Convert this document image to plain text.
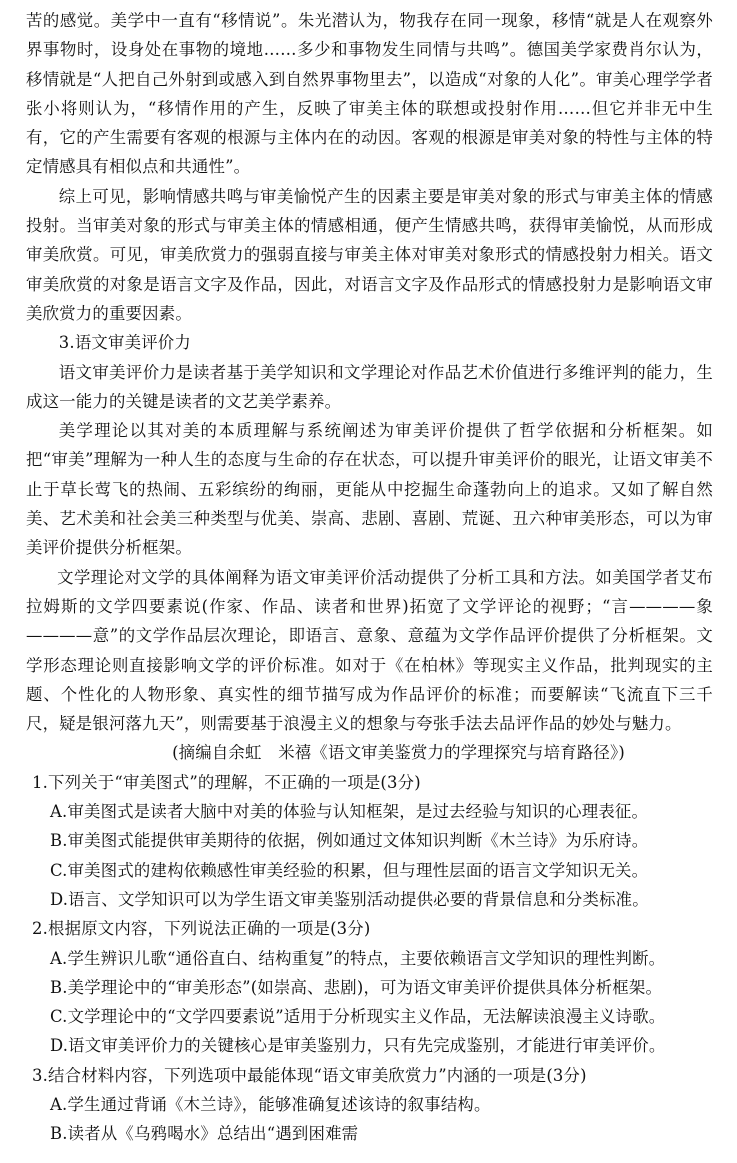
苦的感觉。美学中一直有“移情说”。朱光潜认为，物我存在同一现象，移情“就是人在观察外界事物时，设身处在事物的境地……多少和事物发生同情与共鸣”。德国美学家费肖尔认为，移情就是“人把自己外射到或感入到自然界事物里去”，以造成“对象的人化”。审美心理学学者张小将则认为，“移情作用的产生，反映了审美主体的联想或投射作用……但它并非无中生有，它的产生需要有客观的根源与主体内在的动因。客观的根源是审美对象的特性与主体的特定情感具有相似点和共通性”。

综上可见，影响情感共鸣与审美愉悦产生的因素主要是审美对象的形式与审美主体的情感投射。当审美对象的形式与审美主体的情感相通，便产生情感共鸣，获得审美愉悦，从而形成审美欣赏。可见，审美欣赏力的强弱直接与审美主体对审美对象形式的情感投射力相关。语文审美欣赏的对象是语言文字及作品，因此，对语言文字及作品形式的情感投射力是影响语文审美欣赏力的重要因素。

3.语文审美评价力

语文审美评价力是读者基于美学知识和文学理论对作品艺术价值进行多维评判的能力，生成这一能力的关键是读者的文艺美学素养。

美学理论以其对美的本质理解与系统阐述为审美评价提供了哲学依据和分析框架。如把“审美”理解为一种人生的态度与生命的存在状态，可以提升审美评价的眼光，让语文审美不止于草长莺飞的热闹、五彩缤纷的绚丽，更能从中挖掘生命蓬勃向上的追求。又如了解自然美、艺术美和社会美三种类型与优美、崇高、悲剧、喜剧、荒诞、丑六种审美形态，可以为审美评价提供分析框架。

文学理论对文学的具体阐释为语文审美评价活动提供了分析工具和方法。如美国学者艾布拉姆斯的文学四要素说(作家、作品、读者和世界)拓宽了文学评论的视野；“言————象————意”的文学作品层次理论，即语言、意象、意蕴为文学作品评价提供了分析框架。文学形态理论则直接影响文学的评价标准。如对于《在柏林》等现实主义作品，批判现实的主题、个性化的人物形象、真实性的细节描写成为作品评价的标准；而要解读“飞流直下三千尺，疑是银河落九天”，则需要基于浪漫主义的想象与夸张手法去品评作品的妙处与魅力。

(摘编自余虹　米禧《语文审美鉴赏力的学理探究与培育路径》)

1.下列关于“审美图式”的理解，不正确的一项是(3分)

A.审美图式是读者大脑中对美的体验与认知框架，是过去经验与知识的心理表征。

B.审美图式能提供审美期待的依据，例如通过文体知识判断《木兰诗》为乐府诗。

C.审美图式的建构依赖感性审美经验的积累，但与理性层面的语言文学知识无关。

D.语言、文学知识可以为学生语文审美鉴别活动提供必要的背景信息和分类标准。

2.根据原文内容，下列说法正确的一项是(3分)

A.学生辨识儿歌“通俗直白、结构重复”的特点，主要依赖语言文学知识的理性判断。

B.美学理论中的“审美形态”(如崇高、悲剧)，可为语文审美评价提供具体分析框架。

C.文学理论中的“文学四要素说”适用于分析现实主义作品，无法解读浪漫主义诗歌。

D.语文审美评价力的关键核心是审美鉴别力，只有先完成鉴别，才能进行审美评价。

3.结合材料内容，下列选项中最能体现“语文审美欣赏力”内涵的一项是(3分)

A.学生通过背诵《木兰诗》，能够准确复述该诗的叙事结构。

B.读者从《乌鸦喝水》总结出“遇到困难需
